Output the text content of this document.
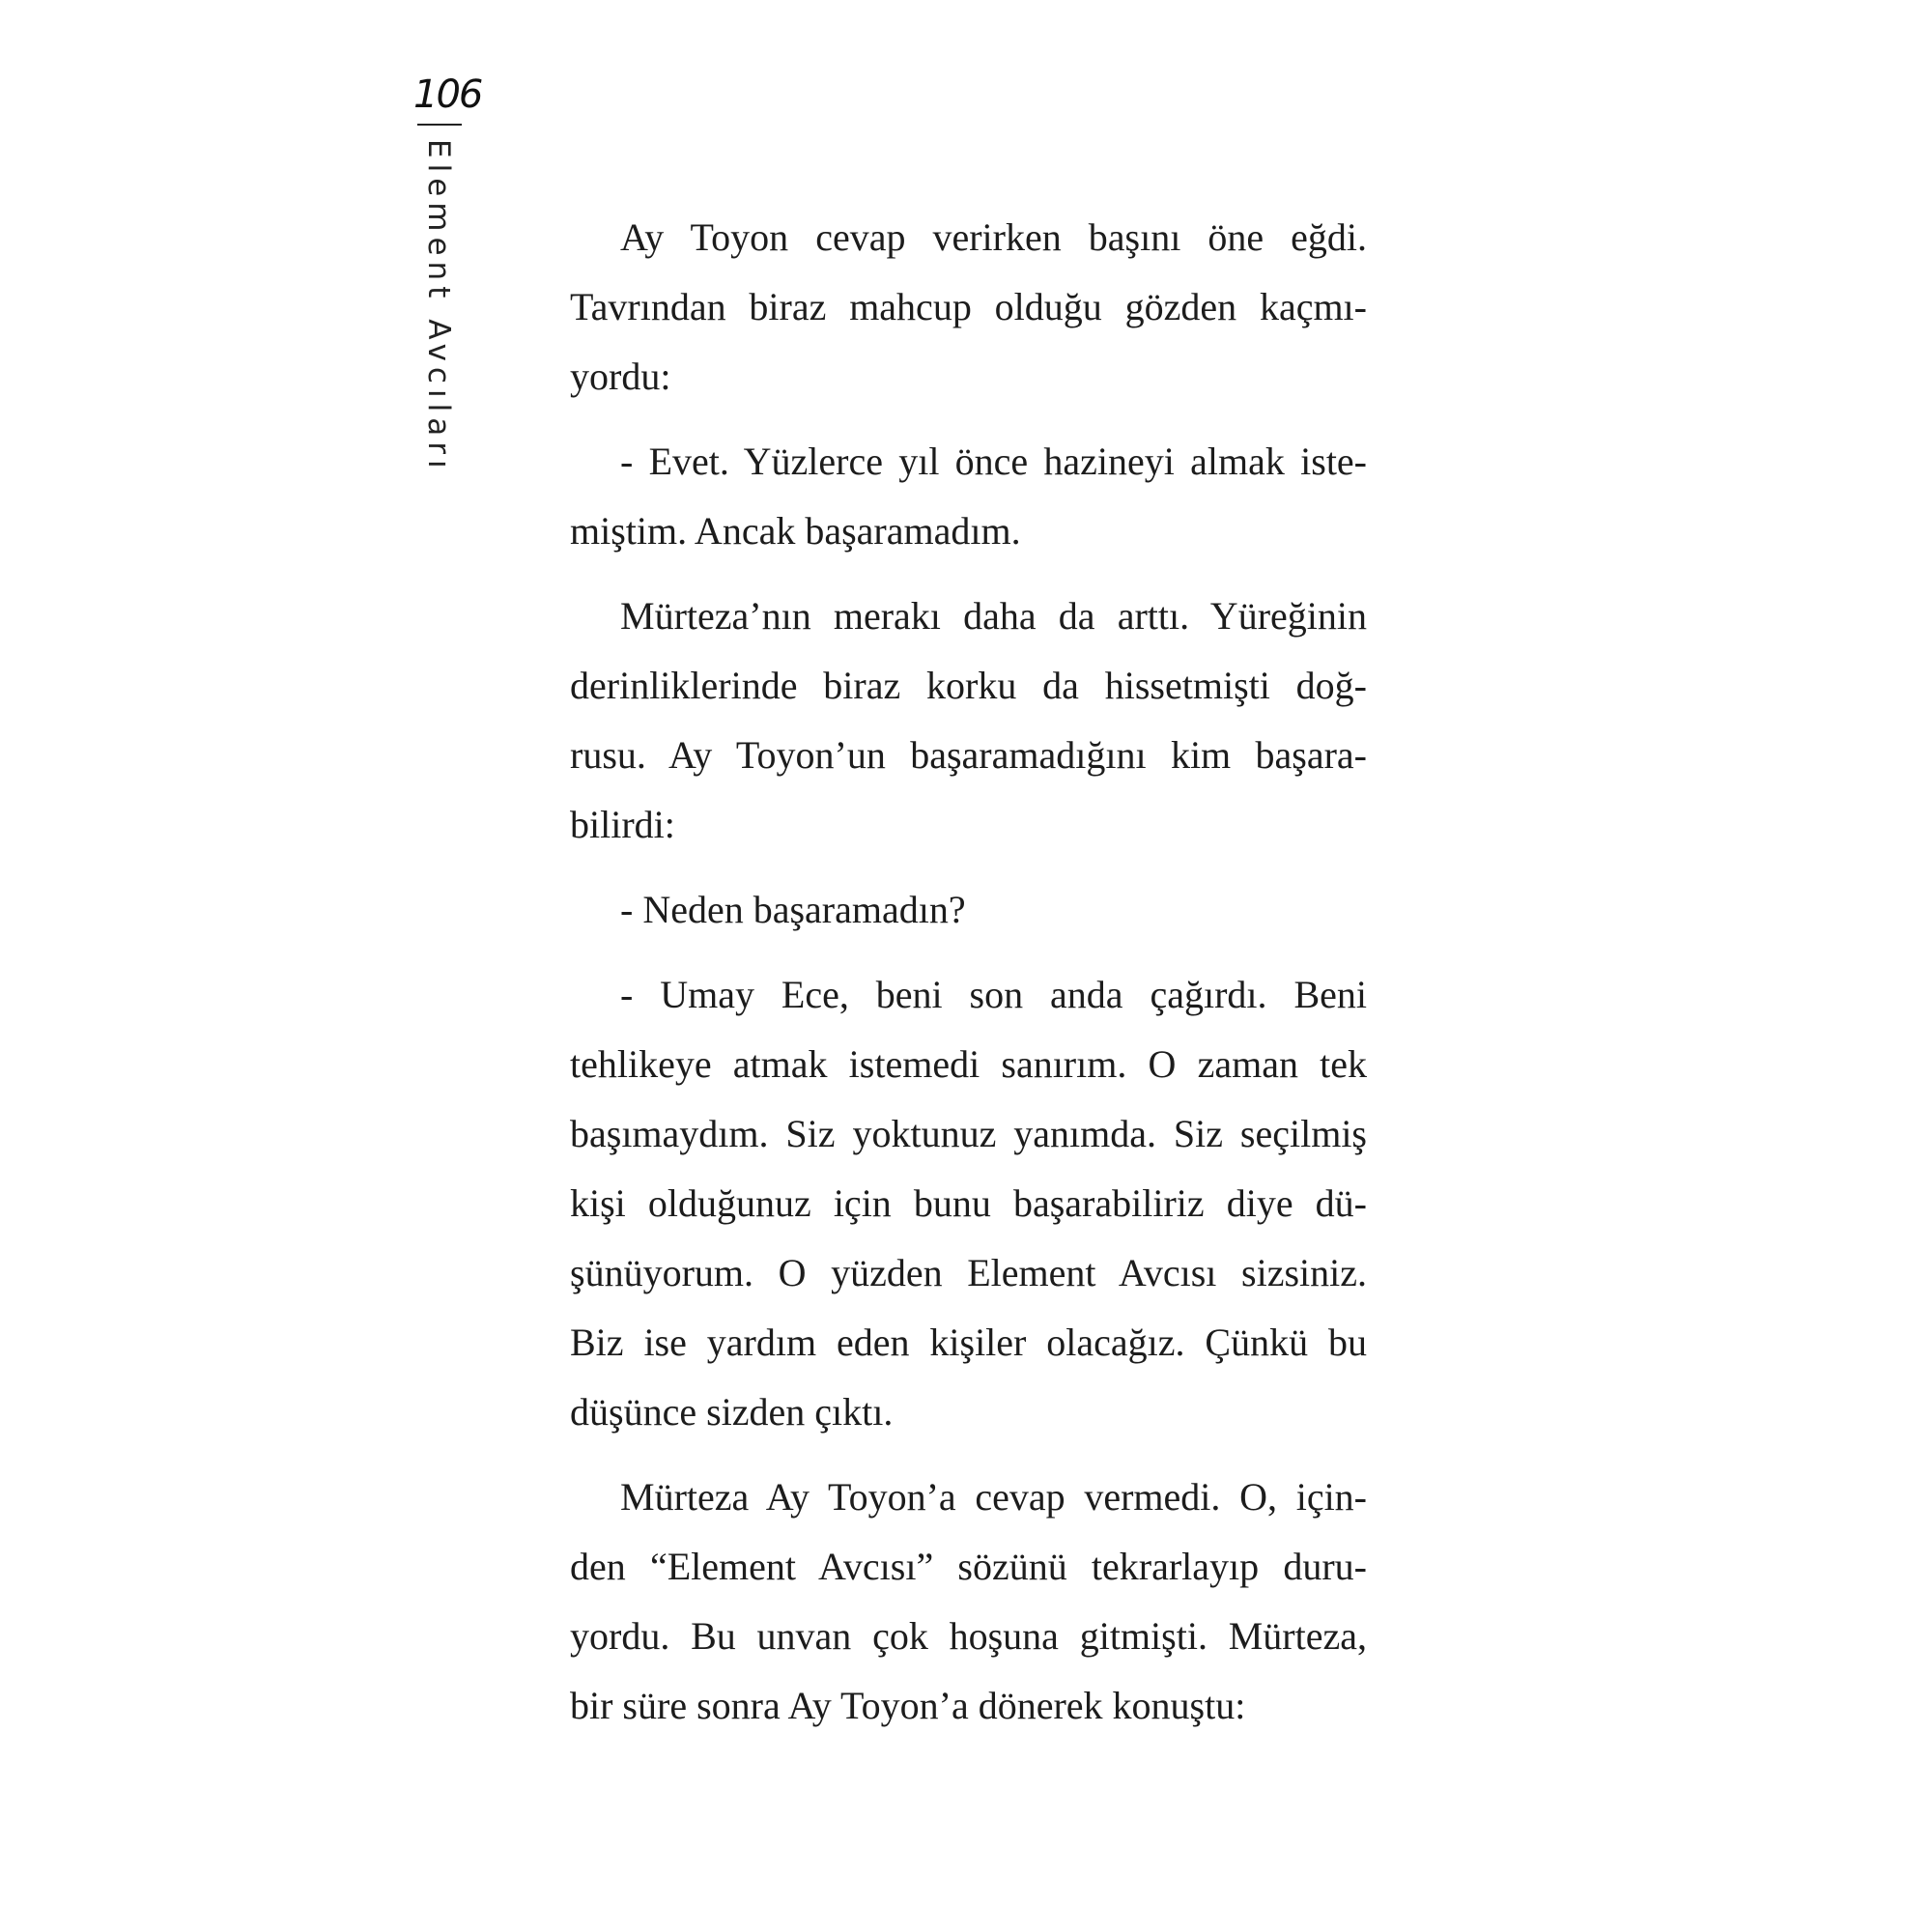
106
Element Avcıları	Ay Toyon cevap verirken başını öne eğdi.
Tavrından biraz mahcup olduğu gözden kaçmı-
yordu:
- Evet. Yüzlerce yıl önce hazineyi almak iste-
miştim. Ancak başaramadım.
Mürteza’nın merakı daha da arttı. Yüreğinin
derinliklerinde biraz korku da hissetmişti doğ-
rusu. Ay Toyon’un başaramadığını kim başara-
bilirdi:
- Neden başaramadın?
- Umay Ece, beni son anda çağırdı. Beni
tehlikeye atmak istemedi sanırım. O zaman tek
başımaydım. Siz yoktunuz yanımda. Siz seçilmiş
kişi olduğunuz için bunu başarabiliriz diye dü-
şünüyorum. O yüzden Element Avcısı sizsiniz.
Biz ise yardım eden kişiler olacağız. Çünkü bu
düşünce sizden çıktı.
Mürteza Ay Toyon’a cevap vermedi. O, için-
den “Element Avcısı” sözünü tekrarlayıp duru-
yordu. Bu unvan çok hoşuna gitmişti. Mürteza,
bir süre sonra Ay Toyon’a dönerek konuştu:
